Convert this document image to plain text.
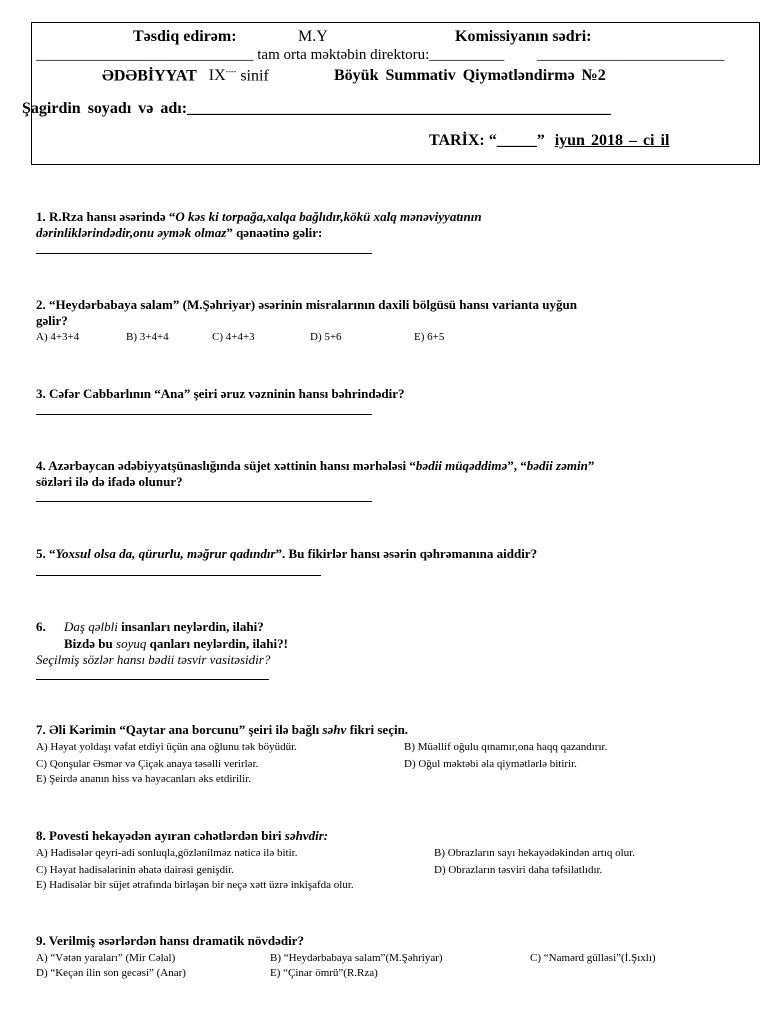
Təsdiq edirəm:	M.Y	Komissiyanın sədri:
_____________________________ tam orta məktəbin direktoru:__________ _________________________
ƏDƏBİYYAT IX---- sinif	Böyük Summativ Qiymətləndirmə №2
Şagirdin soyadı və adı:_____________________________________________________
TARİX: “_____” iyun 2018 – ci il
1. R.Rza hansı əsərində “O kəs ki torpağa,xalqa bağlıdır,kökü xalq mənəviyyatının
dərinliklərindədir,onu əymək olmaz” qənaətinə gəlir:
2. “Heydərbabaya salam” (M.Şəhriyar) əsərinin misralarının daxili bölgüsü hansı varianta uyğun
gəlir?
A) 4+3+4	B) 3+4+4	C) 4+4+3	D) 5+6	E) 6+5
3. Cəfər Cabbarlının “Ana” şeiri əruz vəzninin hansı bəhrindədir?
4. Azərbaycan ədəbiyyatşünaslığında süjet xəttinin hansı mərhələsi “bədii müqəddimə”, “bədii zəmin”
sözləri ilə də ifadə olunur?
5. “Yoxsul olsa da, qürurlu, məğrur qadındır”. Bu fikirlər hansı əsərin qəhrəmanına aiddir?
6. Daş qəlbli insanları neylərdin, ilahi?
Bizdə bu soyuq qanları neylərdin, ilahi?!
Seçilmiş sözlər hansı bədii təsvir vasitəsidir?
7. Əli Kərimin “Qaytar ana borcunu” şeiri ilə bağlı səhv fikri seçin.
A) Həyat yoldaşı vəfat etdiyi üçün ana oğlunu tək böyüdür.	B) Müəllif oğulu qınamır,ona haqq qazandırır.
C) Qonşular Əsmər və Çiçək anaya təsəlli verirlər.	D) Oğul məktəbi əla qiymətlərlə bitirir.
E) Şeirdə ananın hiss və həyəcanları əks etdirilir.
8. Povesti hekayədən ayıran cəhətlərdən biri səhvdir:
A) Hadisələr qeyri-adi sonluqla,gözlənilməz nəticə ilə bitir.	B) Obrazların sayı hekayədəkindən artıq olur.
C) Həyat hadisələrinin əhatə dairəsi genişdir.	D) Obrazların təsviri daha təfsilatlıdır.
E) Hadisələr bir süjet ətrafında birləşən bir neçə xətt üzrə inkişafda olur.
9. Verilmiş əsərlərdən hansı dramatik növdədir?
A) “Vətən yaraları” (Mir Cəlal)	B) “Heydərbabaya salam”(M.Şəhriyar)	C) “Namərd gülləsi”(İ.Şıxlı)
D) “Keçən ilin son gecəsi” (Anar)	E) “Çinar ömrü”(R.Rza)
